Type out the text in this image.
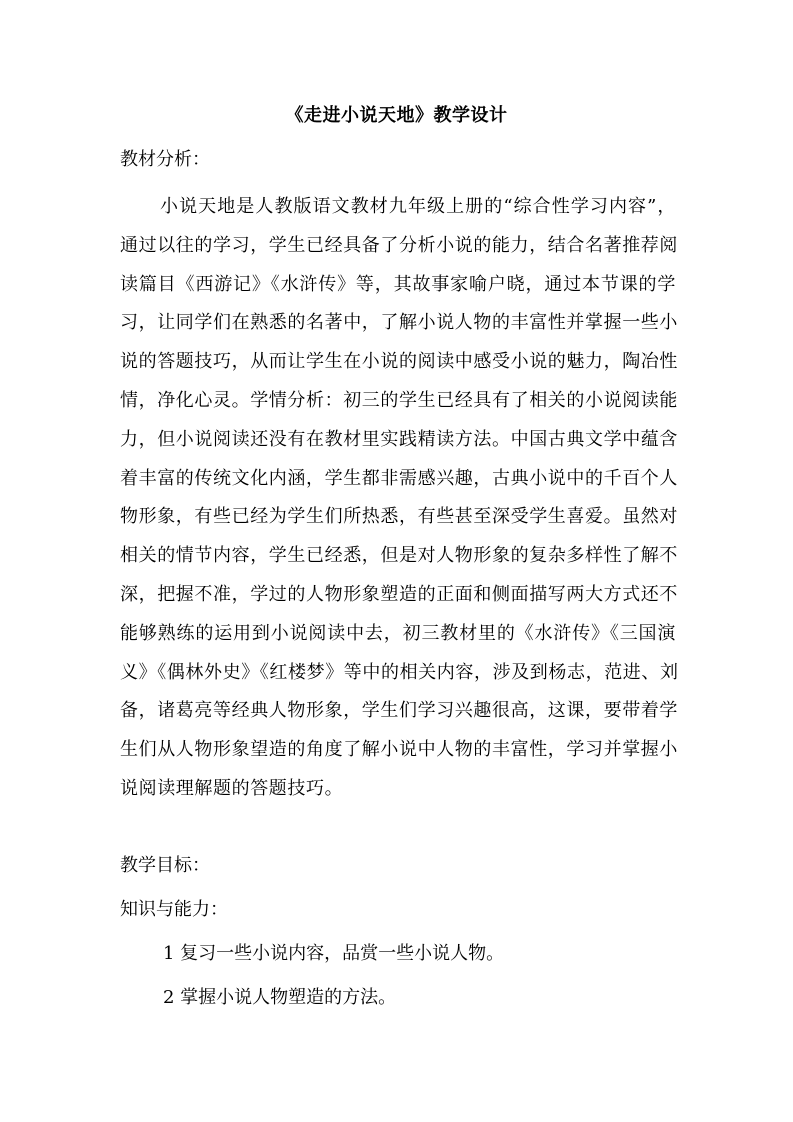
《走进小说天地》教学设计
教材分析：
小说天地是人教版语文教材九年级上册的“综合性学习内容”，
通过以往的学习，学生已经具备了分析小说的能力，结合名著推荐阅
读篇目《西游记》《水浒传》等，其故事家喻户晓，通过本节课的学
习，让同学们在熟悉的名著中，了解小说人物的丰富性并掌握一些小
说的答题技巧，从而让学生在小说的阅读中感受小说的魅力，陶冶性
情，净化心灵。学情分析：初三的学生已经具有了相关的小说阅读能
力，但小说阅读还没有在教材里实践精读方法。中国古典文学中蕴含
着丰富的传统文化内涵，学生都非需感兴趣，古典小说中的千百个人
物形象，有些已经为学生们所热悉，有些甚至深受学生喜爱。虽然对
相关的情节内容，学生已经悉，但是对人物形象的复杂多样性了解不
深，把握不准，学过的人物形象塑造的正面和侧面描写两大方式还不
能够熟练的运用到小说阅读中去，初三教材里的《水浒传》《三国演
义》《偶林外史》《红楼梦》等中的相关内容，涉及到杨志，范进、刘
备，诸葛亮等经典人物形象，学生们学习兴趣很高，这课，要带着学
生们从人物形象望造的角度了解小说中人物的丰富性，学习并掌握小
说阅读理解题的答题技巧。
教学目标：
知识与能力：
1 复习一些小说内容，品赏一些小说人物。
2 掌握小说人物塑造的方法。
